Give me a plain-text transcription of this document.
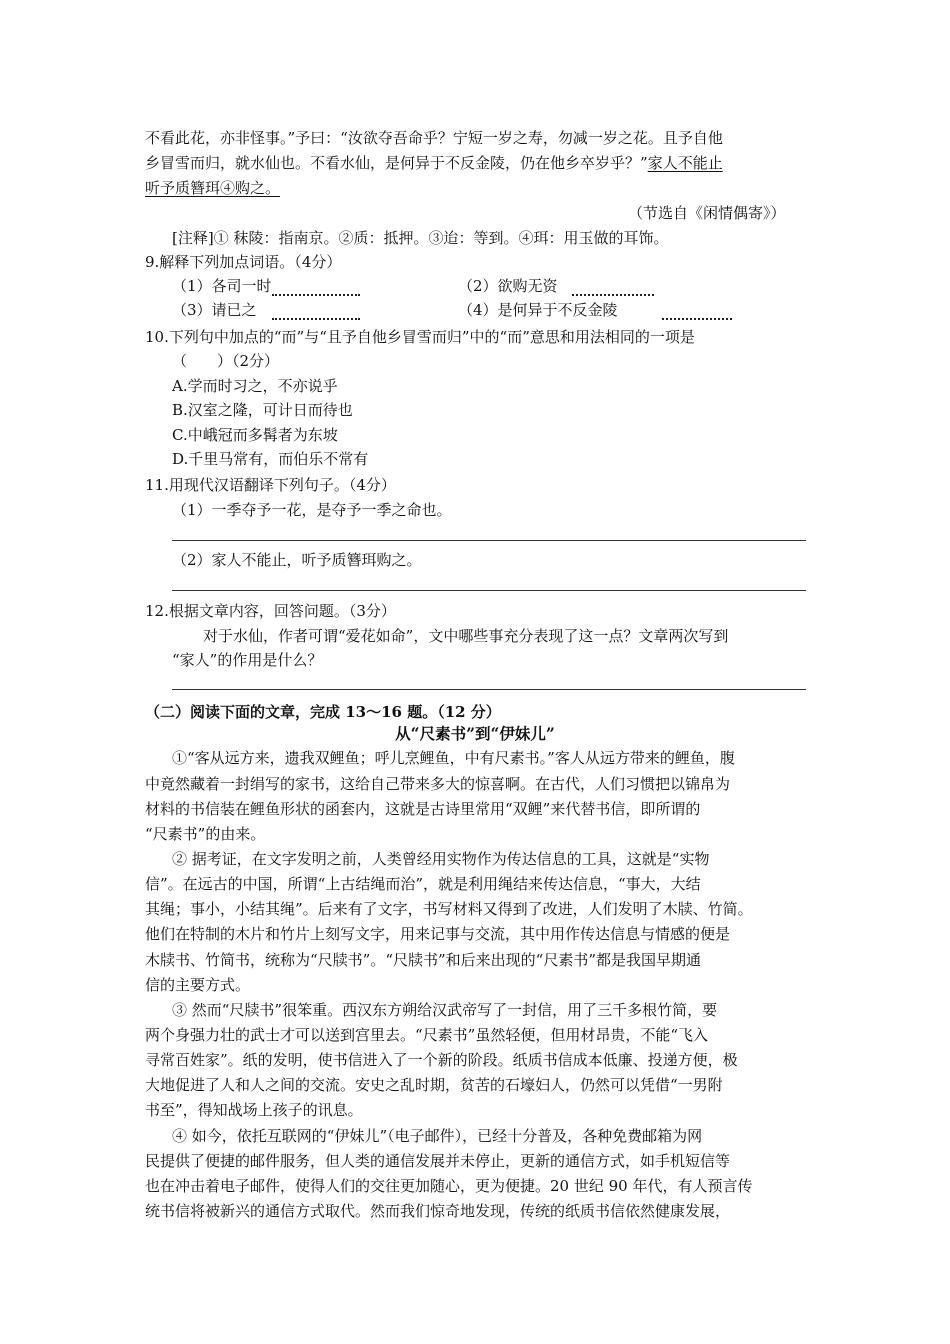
不看此花，亦非怪事。”予曰：“汝欲夺吾命乎？宁短一岁之寿，勿减一岁之花。且予自他
乡冒雪而归，就水仙也。不看水仙，是何异于不反金陵，仍在他乡卒岁乎？”家人不能止
听予质簪珥④购之。
（节选自《闲情偶寄》）
[注释]① 秣陵：指南京。②质：抵押。③迨：等到。④珥：用玉做的耳饰。
9.解释下列加点词语。（4分）
（1）各司一时	（2）欲购无资
（3）请已之	（4）是何异于不反金陵
10.下列句中加点的“而”与“且予自他乡冒雪而归”中的“而”意思和用法相同的一项是
（　　）（2分）
A.学而时习之，不亦说乎
B.汉室之隆，可计日而待也
C.中峨冠而多髯者为东坡
D.千里马常有，而伯乐不常有
11.用现代汉语翻译下列句子。（4分）
（1）一季夺予一花，是夺予一季之命也。
（2）家人不能止，听予质簪珥购之。
12.根据文章内容，回答问题。（3分）
对于水仙，作者可谓“爱花如命”，文中哪些事充分表现了这一点？文章两次写到
“家人”的作用是什么？
（二）阅读下面的文章，完成 13～16 题。（12 分）
从“尺素书”到“伊妹儿”
①“客从远方来，遗我双鲤鱼；呼儿烹鲤鱼，中有尺素书。”客人从远方带来的鲤鱼，腹
中竟然藏着一封绢写的家书，这给自己带来多大的惊喜啊。在古代，人们习惯把以锦帛为
材料的书信装在鲤鱼形状的函套内，这就是古诗里常用“双鲤”来代替书信，即所谓的
“尺素书”的由来。
② 据考证，在文字发明之前，人类曾经用实物作为传达信息的工具，这就是“实物
信”。在远古的中国，所谓“上古结绳而治”，就是利用绳结来传达信息，“事大，大结
其绳；事小，小结其绳”。后来有了文字，书写材料又得到了改进，人们发明了木牍、竹简。
他们在特制的木片和竹片上刻写文字，用来记事与交流，其中用作传达信息与情感的便是
木牍书、竹简书，统称为“尺牍书”。“尺牍书”和后来出现的“尺素书”都是我国早期通
信的主要方式。
③ 然而“尺牍书”很笨重。西汉东方朔给汉武帝写了一封信，用了三千多根竹简，要
两个身强力壮的武士才可以送到宫里去。“尺素书”虽然轻便，但用材昂贵，不能“飞入
寻常百姓家”。纸的发明，使书信进入了一个新的阶段。纸质书信成本低廉、投递方便，极
大地促进了人和人之间的交流。安史之乱时期，贫苦的石壕妇人，仍然可以凭借“一男附
书至”，得知战场上孩子的讯息。
④ 如今，依托互联网的“伊妹儿”（电子邮件），已经十分普及，各种免费邮箱为网
民提供了便捷的邮件服务，但人类的通信发展并未停止，更新的通信方式，如手机短信等
也在冲击着电子邮件，使得人们的交往更加随心，更为便捷。20 世纪 90 年代，有人预言传
统书信将被新兴的通信方式取代。然而我们惊奇地发现，传统的纸质书信依然健康发展，
